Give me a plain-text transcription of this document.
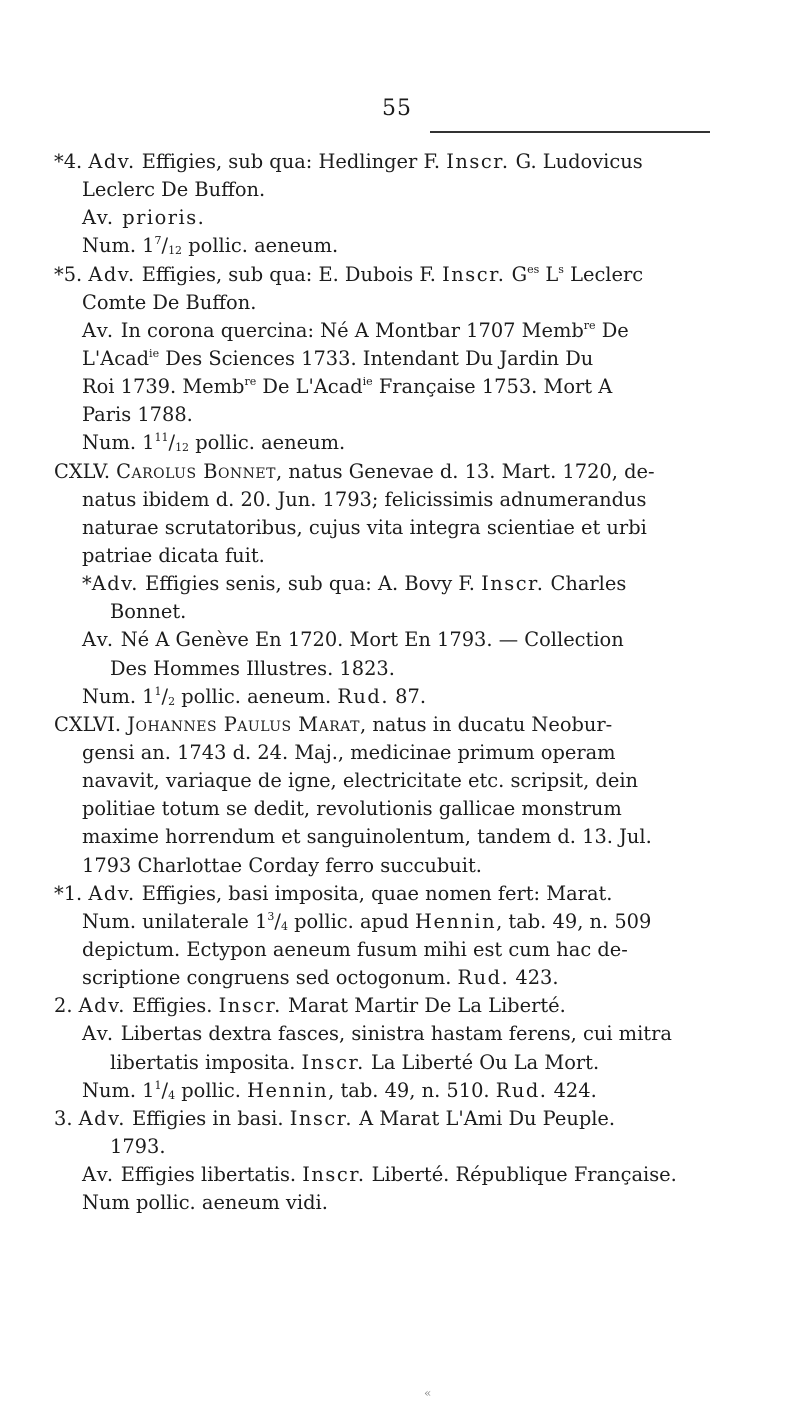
55
*4. Adv. Effigies, sub qua: Hedlinger F. Inscr. G. Ludovicus
Leclerc De Buffon.
Av. prioris.
Num. $1^7/_{12}$ pollic. aeneum.
*5. Adv. Effigies, sub qua: E. Dubois F. Inscr. $G^{es}$ $L^s$ Leclerc
Comte De Buffon.
Av. In corona quercina: Né A Montbar 1707 Memb$^{re}$ De
L'Acad$^{ie}$ Des Sciences 1733. Intendant Du Jardin Du
Roi 1739. Memb$^{re}$ De L'Acad$^{ie}$ Française 1753. Mort A
Paris 1788.
Num. $1^{11}/_{12}$ pollic. aeneum.
CXLV. Carolus Bonnet, natus Genevae d. 13. Mart. 1720, de-
natus ibidem d. 20. Jun. 1793; felicissimis adnumerandus
naturae scrutatoribus, cujus vita integra scientiae et urbi
patriae dicata fuit.
*Adv. Effigies senis, sub qua: A. Bovy F. Inscr. Charles
Bonnet.
Av. Né A Genève En 1720. Mort En 1793. — Collection
Des Hommes Illustres. 1823.
Num. $1^1/_2$ pollic. aeneum. Rud. 87.
CXLVI. Johannes Paulus Marat, natus in ducatu Neobur-
gensi an. 1743 d. 24. Maj., medicinae primum operam
navavit, variaque de igne, electricitate etc. scripsit, dein
politiae totum se dedit, revolutionis gallicae monstrum
maxime horrendum et sanguinolentum, tandem d. 13. Jul.
1793 Charlottae Corday ferro succubuit.
*1. Adv. Effigies, basi imposita, quae nomen fert: Marat.
Num. unilaterale $1^3/_4$ pollic. apud Hennin, tab. 49, n. 509
depictum. Ectypon aeneum fusum mihi est cum hac de-
scriptione congruens sed octogonum. Rud. 423.
2. Adv. Effigies. Inscr. Marat Martir De La Liberté.
Av. Libertas dextra fasces, sinistra hastam ferens, cui mitra
libertatis imposita. Inscr. La Liberté Ou La Mort.
Num. $1^1/_4$ pollic. Hennin, tab. 49, n. 510. Rud. 424.
3. Adv. Effigies in basi. Inscr. A Marat L'Ami Du Peuple.
1793.
Av. Effigies libertatis. Inscr. Liberté. République Française.
Num pollic. aeneum vidi.
«
